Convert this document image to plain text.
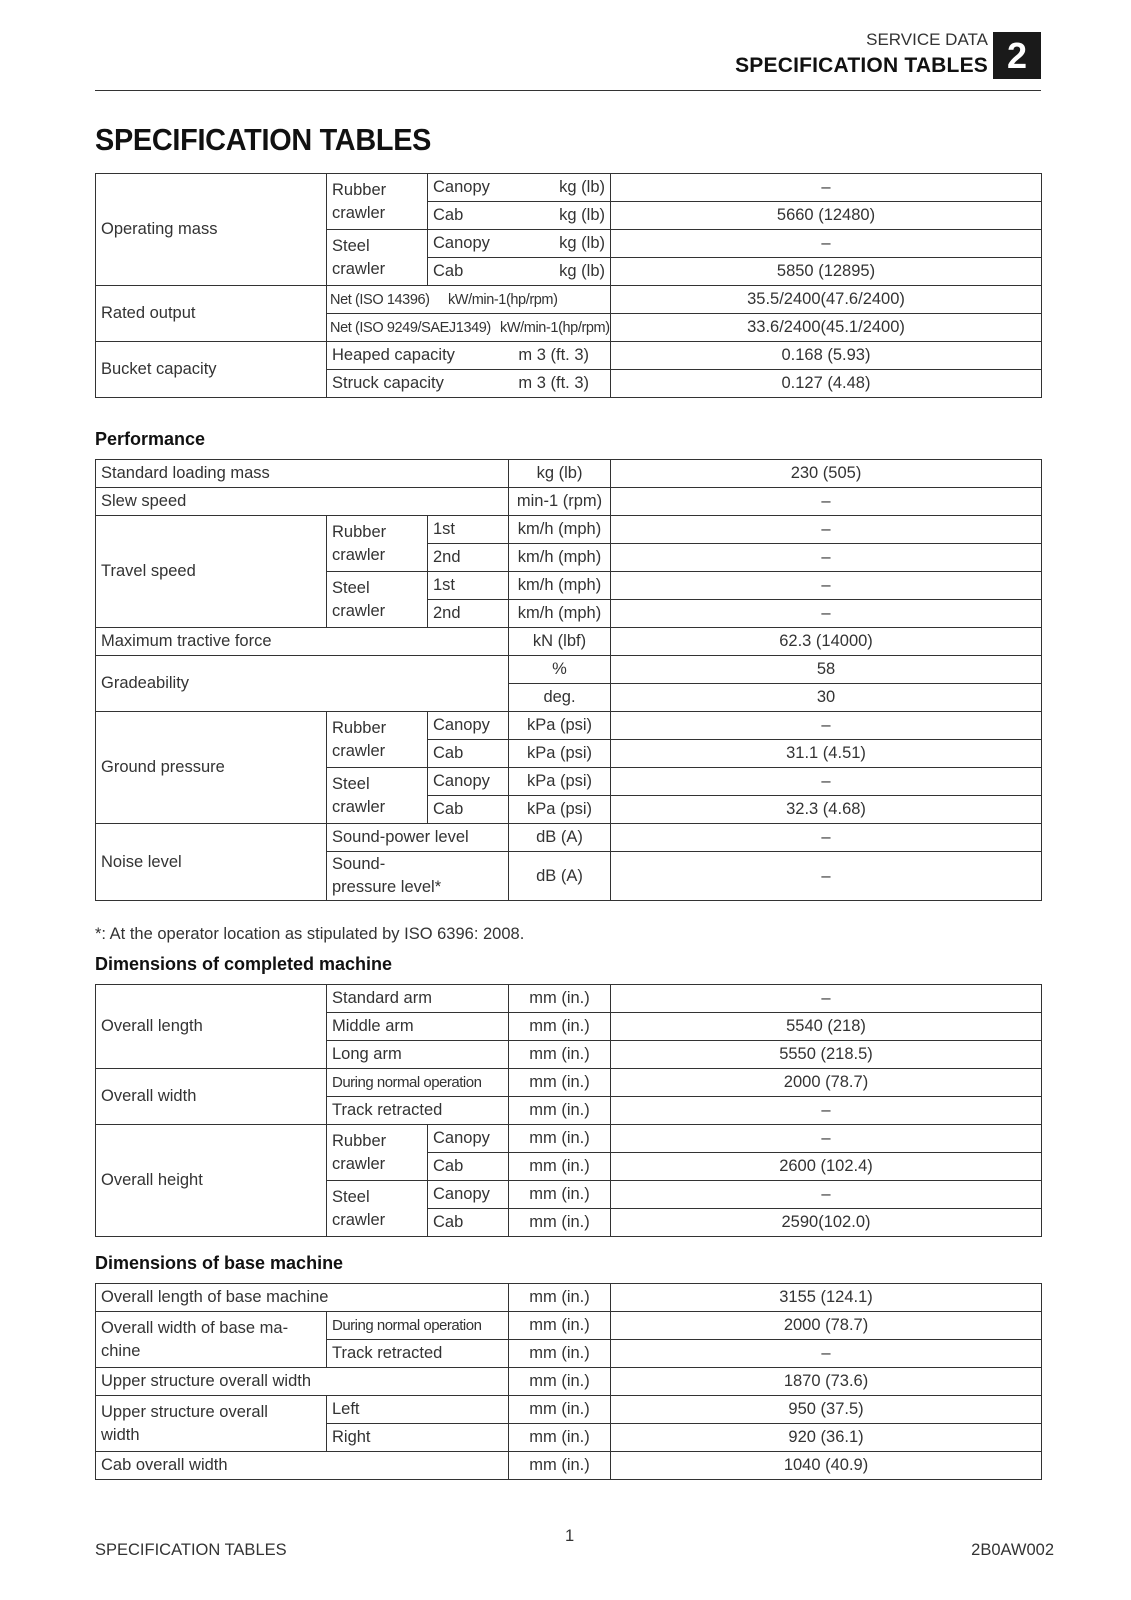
SERVICE DATA
SPECIFICATION TABLES 2
SPECIFICATION TABLES
Operating mass	Rubber crawler	Canopy kg (lb)	–

		Cab kg (lb)	5660 (12480)
	Steel crawler	Canopy kg (lb)	–

		Cab kg (lb)	5850 (12895)
Rated output	Net (ISO 14396) kW/min-1(hp/rpm)		35.5/2400(47.6/2400)
	Net (ISO 9249/SAEJ1349) kW/min-1(hp/rpm)		33.6/2400(45.1/2400)
Bucket capacity	Heaped capacity m 3 (ft. 3)		0.168 (5.93)

	Struck capacity m 3 (ft. 3)		0.127 (4.48)
Performance
Standard loading mass			kg (lb)	230 (505)
Slew speed			min-1 (rpm)	–
Travel speed	Rubber crawler	1st	km/h (mph)	–
		2nd	km/h (mph)	–
	Steel crawler	1st	km/h (mph)	–
		2nd	km/h (mph)	–
Maximum tractive force			kN (lbf)	62.3 (14000)
Gradeability			%	58
			deg.	30
Ground pressure	Rubber crawler	Canopy	kPa (psi)	–
		Cab	kPa (psi)	31.1 (4.51)
	Steel crawler	Canopy	kPa (psi)	–
		Cab	kPa (psi)	32.3 (4.68)
Noise level	Sound-power level		dB (A)	–
	Sound-pressure level*		dB (A)	–
*: At the operator location as stipulated by ISO 6396: 2008.
Dimensions of completed machine
Overall length	Standard arm		mm (in.)	–
	Middle arm		mm (in.)	5540 (218)
	Long arm		mm (in.)	5550 (218.5)
Overall width	During normal operation		mm (in.)	2000 (78.7)
	Track retracted		mm (in.)	–
Overall height	Rubber crawler	Canopy	mm (in.)	–
		Cab	mm (in.)	2600 (102.4)
	Steel crawler	Canopy	mm (in.)	–
		Cab	mm (in.)	2590(102.0)
Dimensions of base machine
Overall length of base machine		mm (in.)	3155 (124.1)
Overall width of base ma- chine	During normal operation	mm (in.)	2000 (78.7)
	Track retracted	mm (in.)	–
Upper structure overall width		mm (in.)	1870 (73.6)
Upper structure overall width	Left	mm (in.)	950 (37.5)
	Right	mm (in.)	920 (36.1)
Cab overall width		mm (in.)	1040 (40.9)
SPECIFICATION TABLES
1
2B0AW002
